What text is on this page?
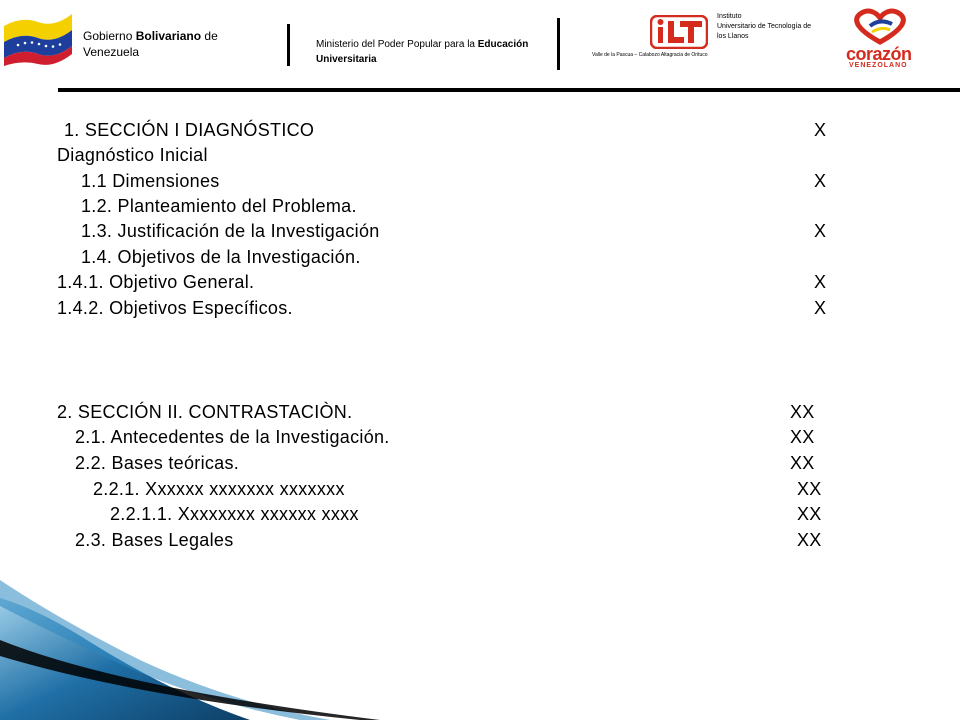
Gobierno Bolivariano de
Venezuela
Ministerio del Poder Popular para la Educación
Universitaria
Instituto
Universitario de Tecnología de
los Llanos
Valle de la Pascua – Calabozo Altagracia de Orituco	corazón
VENEZOLANO
1. SECCIÓN I DIAGNÓSTICO	X
Diagnóstico Inicial
1.1 Dimensiones	X
1.2. Planteamiento del Problema.
1.3. Justificación de la Investigación	X
1.4. Objetivos de la Investigación.
1.4.1. Objetivo General.	X
1.4.2. Objetivos Específicos.	X
2. SECCIÓN II. CONTRASTACIÒN.	XX
2.1. Antecedentes de la Investigación.	XX
2.2. Bases teóricas.	XX
2.2.1. Xxxxxx xxxxxxx xxxxxxx	XX
2.2.1.1. Xxxxxxxx xxxxxx xxxx	XX
2.3. Bases Legales	XX
